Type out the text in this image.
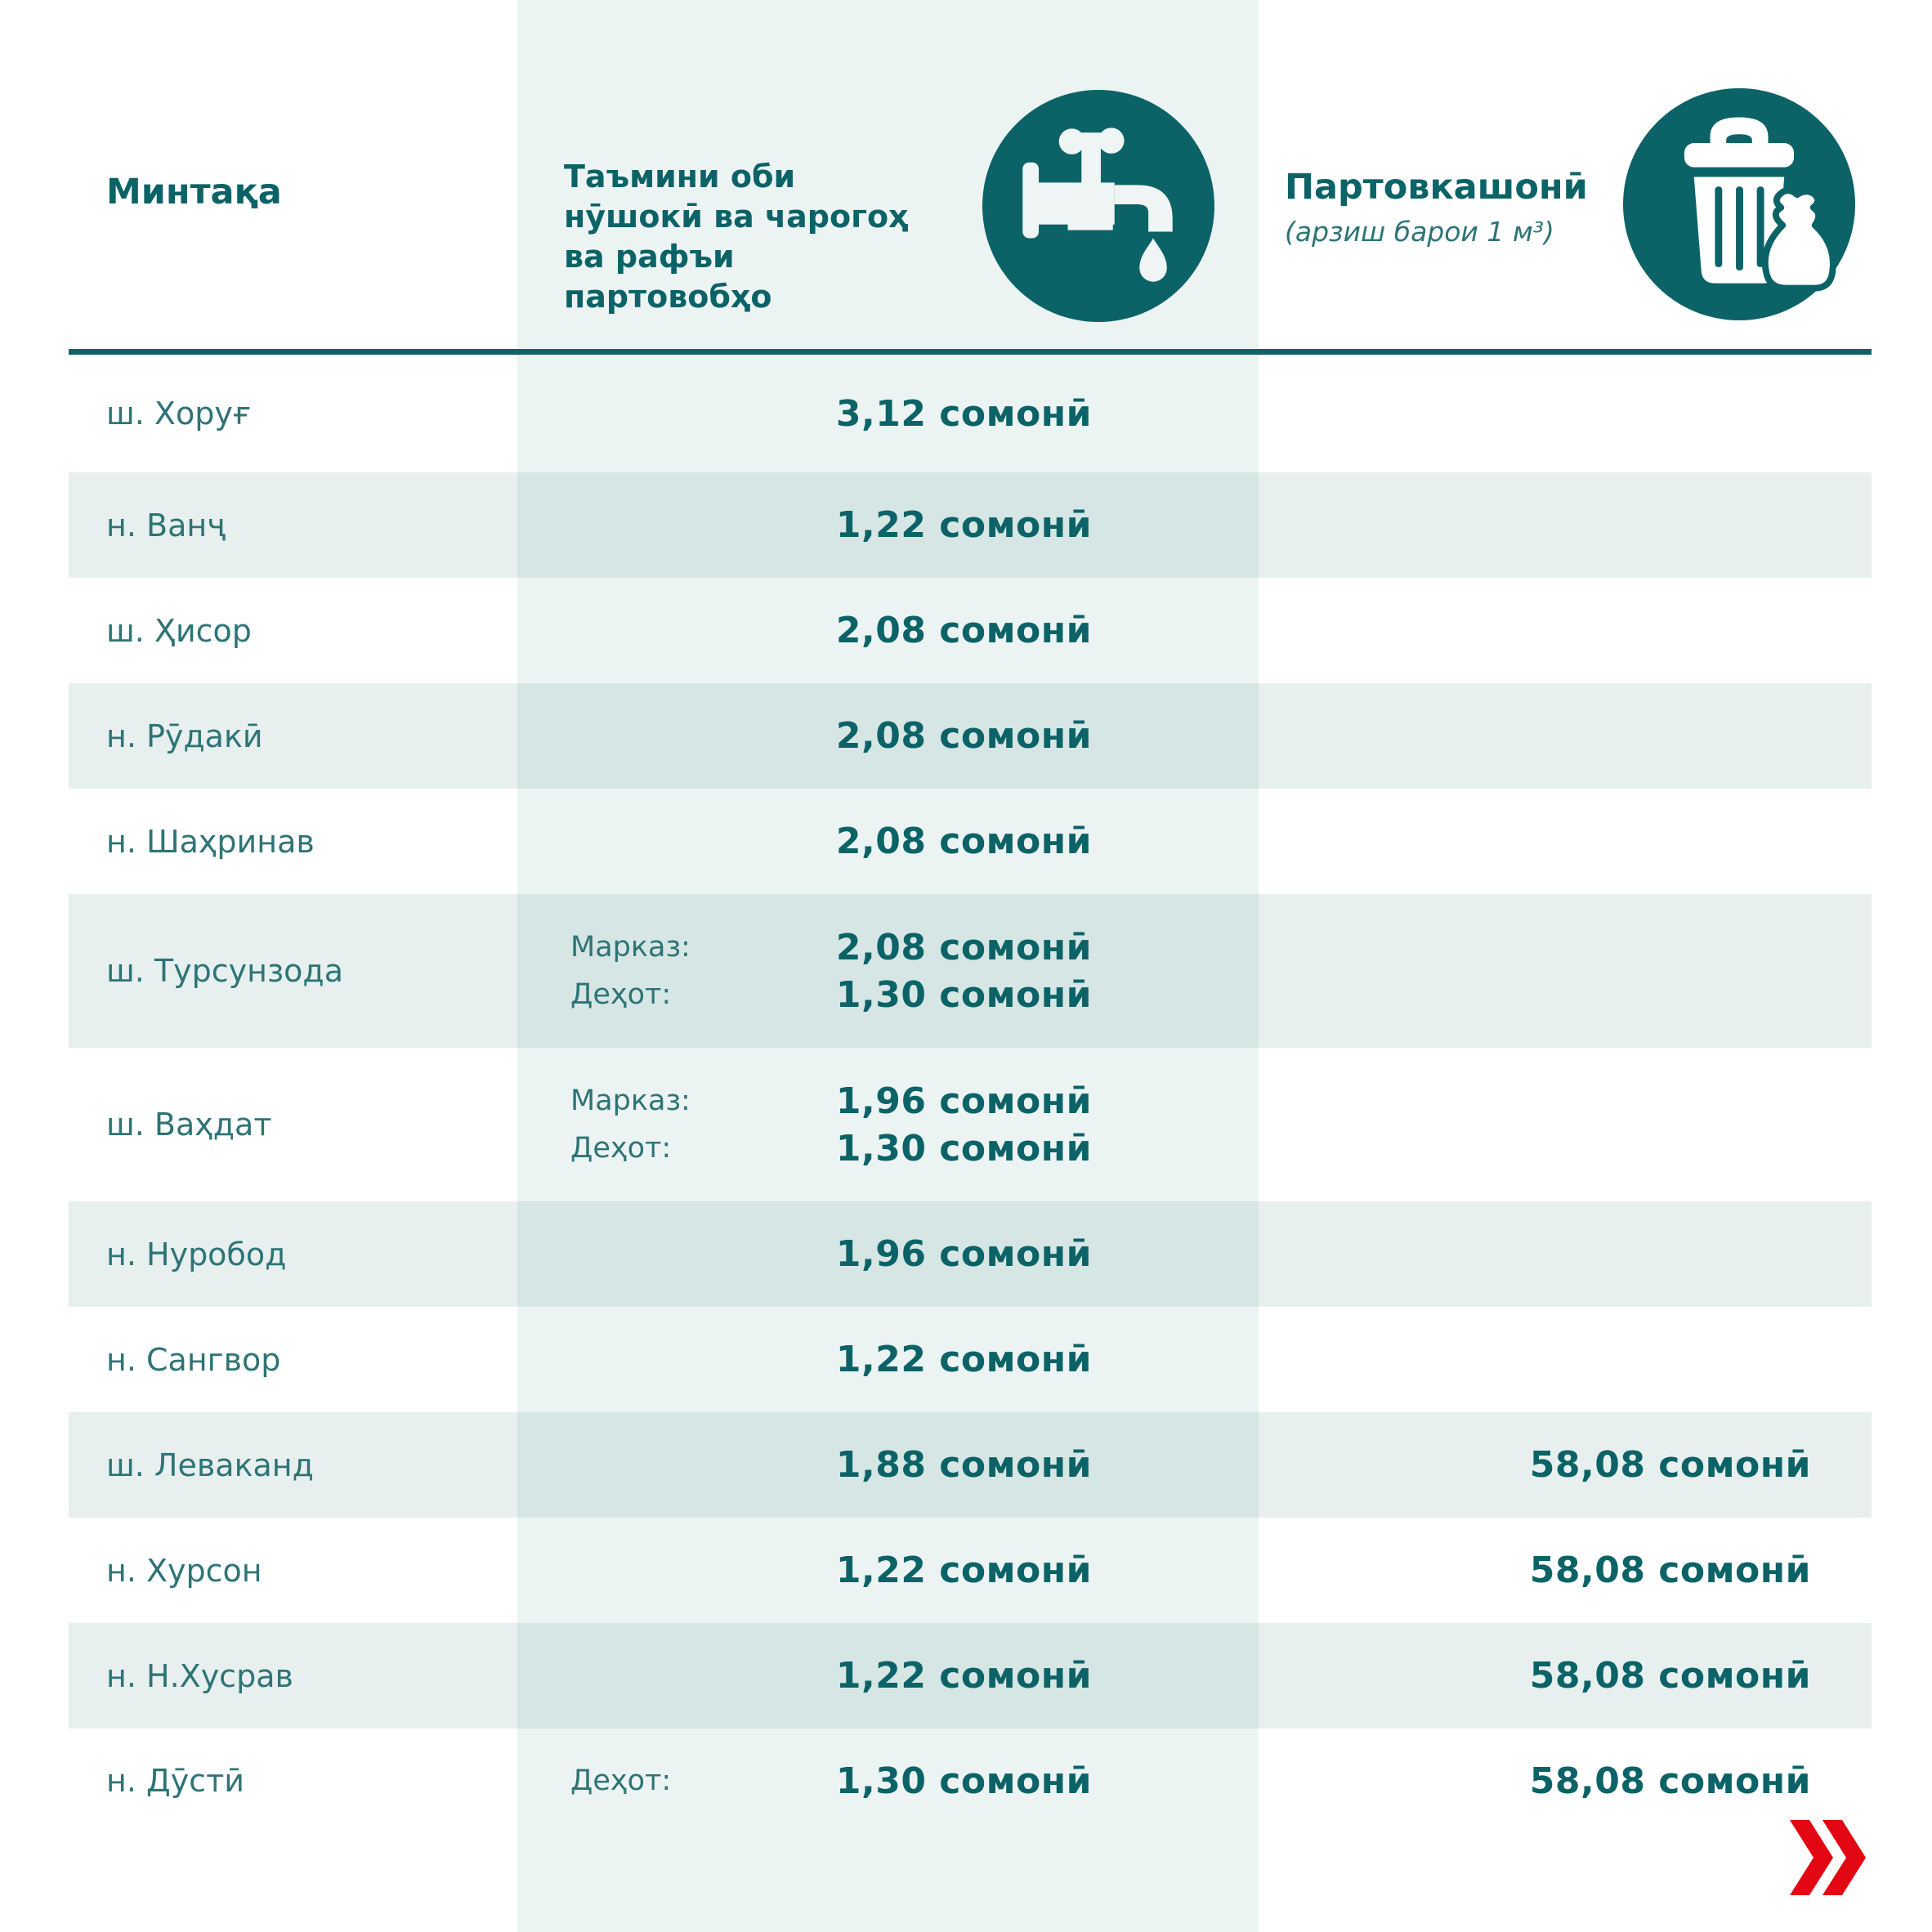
Минтақа	Таъмини оби
нӯшокӣ ва чарогоҳ
ва рафъи
партовобҳо
Партовкашонӣ
(арзиш барои 1 м³)
ш. Хоруғ	3,12 сомонӣ
н. Ванҷ	1,22 сомонӣ
ш. Ҳисор	2,08 сомонӣ
н. Рӯдакӣ	2,08 сомонӣ
н. Шаҳринав	2,08 сомонӣ
ш. Турсунзода
Марказ:	2,08 сомонӣ
Деҳот:	1,30 сомонӣ
ш. Ваҳдат
Марказ:	1,96 сомонӣ
Деҳот:	1,30 сомонӣ
н. Нуробод	1,96 сомонӣ
н. Сангвор	1,22 сомонӣ
ш. Леваканд	1,88 сомонӣ	58,08 сомонӣ
н. Хурсон	1,22 сомонӣ	58,08 сомонӣ
н. Н.Хусрав	1,22 сомонӣ	58,08 сомонӣ
н. Дӯстӣ	Деҳот:	1,30 сомонӣ	58,08 сомонӣ
